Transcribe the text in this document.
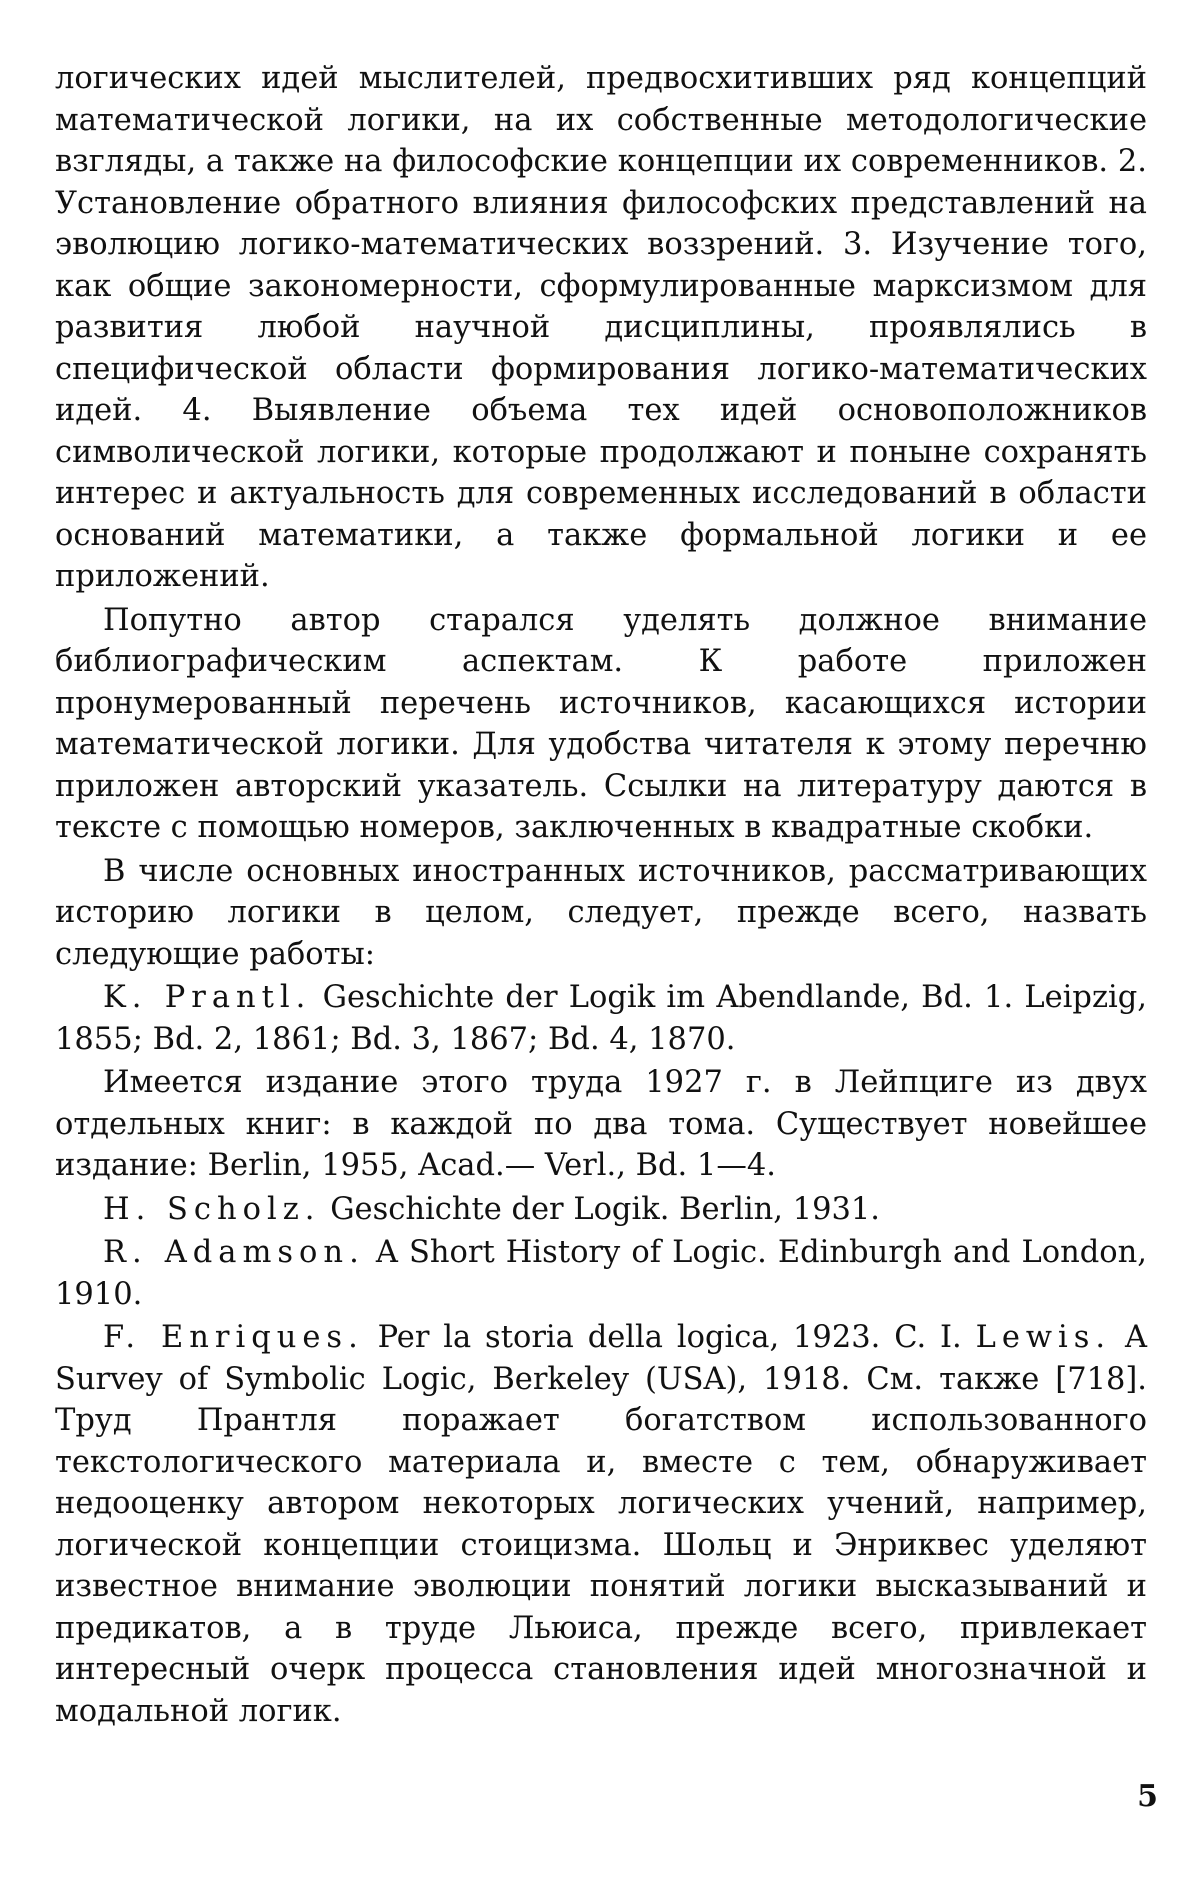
логических идей мыслителей, предвосхитивших ряд концепций математической логики, на их собственные методологические взгляды, а также на философские концепции их современников. 2. Установление обратного влияния философских представлений на эволюцию логико-математических воззрений. 3. Изучение того, как общие закономерности, сформулированные марксизмом для развития любой научной дисциплины, проявлялись в специфической области формирования логико-математических идей. 4. Выявление объема тех идей основоположников символической логики, которые продолжают и поныне сохранять интерес и актуальность для современных исследований в области оснований математики, а также формальной логики и ее приложений.

Попутно автор старался уделять должное внимание библиографическим аспектам. К работе приложен пронумерованный перечень источников, касающихся истории математической логики. Для удобства читателя к этому перечню приложен авторский указатель. Ссылки на литературу даются в тексте с помощью номеров, заключенных в квадратные скобки.

В числе основных иностранных источников, рассматривающих историю логики в целом, следует, прежде всего, назвать следующие работы:

K. Prantl. Geschichte der Logik im Abendlande, Bd. 1. Leipzig, 1855; Bd. 2, 1861; Bd. 3, 1867; Bd. 4, 1870.

Имеется издание этого труда 1927 г. в Лейпциге из двух отдельных книг: в каждой по два тома. Существует новейшее издание: Berlin, 1955, Acad.— Verl., Bd. 1—4.

H. Scholz. Geschichte der Logik. Berlin, 1931.

R. Adamson. A Short History of Logic. Edinburgh and London, 1910.

F. Enriques. Per la storia della logica, 1923. C. I. Lewis. A Survey of Symbolic Logic, Berkeley (USA), 1918. См. также [718]. Труд Прантля поражает богатством использованного текстологического материала и, вместе с тем, обнаруживает недооценку автором некоторых логических учений, например, логической концепции стоицизма. Шольц и Энриквес уделяют известное внимание эволюции понятий логики высказываний и предикатов, а в труде Льюиса, прежде всего, привлекает интересный очерк процесса становления идей многозначной и модальной логик.

5
